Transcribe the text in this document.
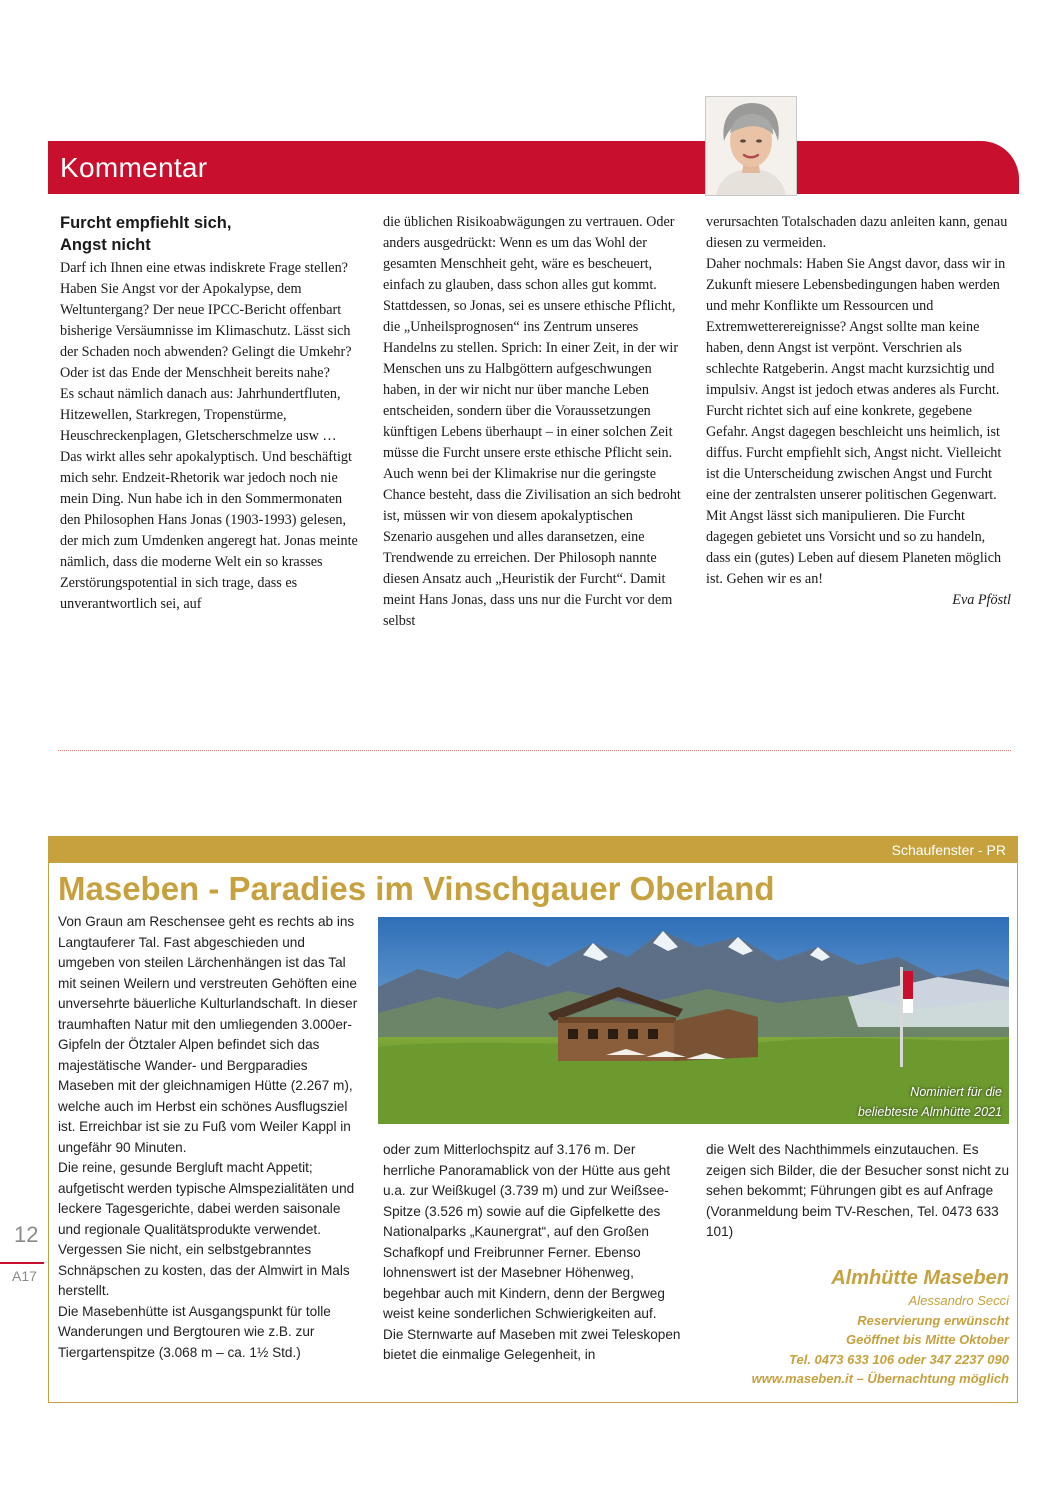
Kommentar
Furcht empfiehlt sich,
Angst nicht

Darf ich Ihnen eine etwas indiskrete Frage stellen? Haben Sie Angst vor der Apokalypse, dem Weltuntergang? Der neue IPCC-Bericht offenbart bisherige Versäumnisse im Klimaschutz. Lässt sich der Schaden noch abwenden? Gelingt die Umkehr? Oder ist das Ende der Menschheit bereits nahe?
Es schaut nämlich danach aus: Jahrhundertfluten, Hitzewellen, Starkregen, Tropenstürme, Heuschreckenplagen, Gletscherschmelze usw … Das wirkt alles sehr apokalyptisch. Und beschäftigt mich sehr. Endzeit-Rhetorik war jedoch noch nie mein Ding. Nun habe ich in den Sommermonaten den Philosophen Hans Jonas (1903-1993) gelesen, der mich zum Umdenken angeregt hat. Jonas meinte nämlich, dass die moderne Welt ein so krasses Zerstörungspotential in sich trage, dass es unverantwortlich sei, auf

die üblichen Risikoabwägungen zu vertrauen. Oder anders ausgedrückt: Wenn es um das Wohl der gesamten Menschheit geht, wäre es bescheuert, einfach zu glauben, dass schon alles gut kommt. Stattdessen, so Jonas, sei es unsere ethische Pflicht, die „Unheilsprognosen“ ins Zentrum unseres Handelns zu stellen. Sprich: In einer Zeit, in der wir Menschen uns zu Halbgöttern aufgeschwungen haben, in der wir nicht nur über manche Leben entscheiden, sondern über die Voraussetzungen künftigen Lebens überhaupt – in einer solchen Zeit müsse die Furcht unsere erste ethische Pflicht sein. Auch wenn bei der Klimakrise nur die geringste Chance besteht, dass die Zivilisation an sich bedroht ist, müssen wir von diesem apokalyptischen Szenario ausgehen und alles daransetzen, eine Trendwende zu erreichen. Der Philosoph nannte diesen Ansatz auch „Heuristik der Furcht“. Damit meint Hans Jonas, dass uns nur die Furcht vor dem selbst

verursachten Totalschaden dazu anleiten kann, genau diesen zu vermeiden.
Daher nochmals: Haben Sie Angst davor, dass wir in Zukunft miesere Lebensbedingungen haben werden und mehr Konflikte um Ressourcen und Extremwetterereignisse? Angst sollte man keine haben, denn Angst ist verpönt. Verschrien als schlechte Ratgeberin. Angst macht kurzsichtig und impulsiv. Angst ist jedoch etwas anderes als Furcht. Furcht richtet sich auf eine konkrete, gegebene Gefahr. Angst dagegen beschleicht uns heimlich, ist diffus. Furcht empfiehlt sich, Angst nicht. Vielleicht ist die Unterscheidung zwischen Angst und Furcht eine der zentralsten unserer politischen Gegenwart. Mit Angst lässt sich manipulieren. Die Furcht dagegen gebietet uns Vorsicht und so zu handeln, dass ein (gutes) Leben auf diesem Planeten möglich ist. Gehen wir es an!

Eva Pföstl

Schaufenster - PR
Maseben - Paradies im Vinschgauer Oberland

Von Graun am Reschensee geht es rechts ab ins Langtauferer Tal. Fast abgeschieden und umgeben von steilen Lärchenhängen ist das Tal mit seinen Weilern und verstreuten Gehöften eine unversehrte bäuerliche Kulturlandschaft. In dieser traumhaften Natur mit den umliegenden 3.000er-Gipfeln der Ötztaler Alpen befindet sich das majestätische Wander- und Bergparadies Maseben mit der gleichnamigen Hütte (2.267 m), welche auch im Herbst ein schönes Ausflugsziel ist. Erreichbar ist sie zu Fuß vom Weiler Kappl in ungefähr 90 Minuten.
Die reine, gesunde Bergluft macht Appetit; aufgetischt werden typische Almspezialitäten und leckere Tagesgerichte, dabei werden saisonale und regionale Qualitätsprodukte verwendet. Vergessen Sie nicht, ein selbstgebranntes Schnäpschen zu kosten, das der Almwirt in Mals herstellt.
Die Masebenhütte ist Ausgangspunkt für tolle Wanderungen und Bergtouren wie z.B. zur Tiergartenspitze (3.068 m – ca. 1½ Std.)

Nominiert für die
beliebteste Almhütte 2021

oder zum Mitterlochspitz auf 3.176 m. Der herrliche Panoramablick von der Hütte aus geht u.a. zur Weißkugel (3.739 m) und zur Weißsee-Spitze (3.526 m) sowie auf die Gipfelkette des Nationalparks „Kaunergrat“, auf den Großen Schafkopf und Freibrunner Ferner. Ebenso lohnenswert ist der Masebner Höhenweg, begehbar auch mit Kindern, denn der Bergweg weist keine sonderlichen Schwierigkeiten auf.
Die Sternwarte auf Maseben mit zwei Teleskopen bietet die einmalige Gelegenheit, in

die Welt des Nachthimmels einzutauchen. Es zeigen sich Bilder, die der Besucher sonst nicht zu sehen bekommt; Führungen gibt es auf Anfrage (Voranmeldung beim TV-Reschen, Tel. 0473 633 101)

Almhütte Maseben
Alessandro Secci
Reservierung erwünscht
Geöffnet bis Mitte Oktober
Tel. 0473 633 106 oder 347 2237 090
www.maseben.it – Übernachtung möglich
12
A17
